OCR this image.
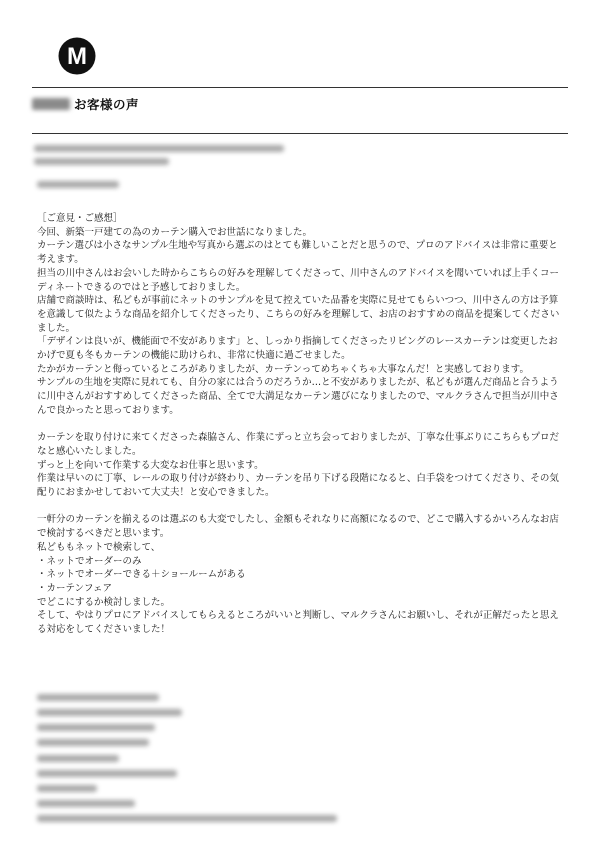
M
お客様の声

［ご意見・ご感想］

今回、新築一戸建ての為のカーテン購入でお世話になりました。

カーテン選びは小さなサンプル生地や写真から選ぶのはとても難しいことだと思うので、プロのアドバイスは非常に重要と考えます。

担当の川中さんはお会いした時からこちらの好みを理解してくださって、川中さんのアドバイスを聞いていれば上手くコーディネートできるのではと予感しておりました。

店舗で商談時は、私どもが事前にネットのサンプルを見て控えていた品番を実際に見せてもらいつつ、川中さんの方は予算を意識して似たような商品を紹介してくださったり、こちらの好みを理解して、お店のおすすめの商品を提案してくださいました。

「デザインは良いが、機能面で不安があります」と、しっかり指摘してくださったリビングのレースカーテンは変更したおかげで夏も冬もカーテンの機能に助けられ、非常に快適に過ごせました。

たかがカーテンと侮っているところがありましたが、カーテンってめちゃくちゃ大事なんだ！と実感しております。

サンプルの生地を実際に見れても、自分の家には合うのだろうか…と不安がありましたが、私どもが選んだ商品と合うように川中さんがおすすめしてくださった商品、全てで大満足なカーテン選びになりましたので、マルクラさんで担当が川中さんで良かったと思っております。

カーテンを取り付けに来てくださった森脇さん、作業にずっと立ち会っておりましたが、丁寧な仕事ぶりにこちらもプロだなと感心いたしました。

ずっと上を向いて作業する大変なお仕事と思います。

作業は早いのに丁寧、レールの取り付けが終わり、カーテンを吊り下げる段階になると、白手袋をつけてくださり、その気配りにおまかせしておいて大丈夫！と安心できました。

一軒分のカーテンを揃えるのは選ぶのも大変でしたし、金額もそれなりに高額になるので、どこで購入するかいろんなお店で検討するべきだと思います。

私どももネットで検索して、

・ネットでオーダーのみ

・ネットでオーダーできる＋ショールームがある

・カーテンフェア

でどこにするか検討しました。

そして、やはりプロにアドバイスしてもらえるところがいいと判断し、マルクラさんにお願いし、それが正解だったと思える対応をしてくださいました！
